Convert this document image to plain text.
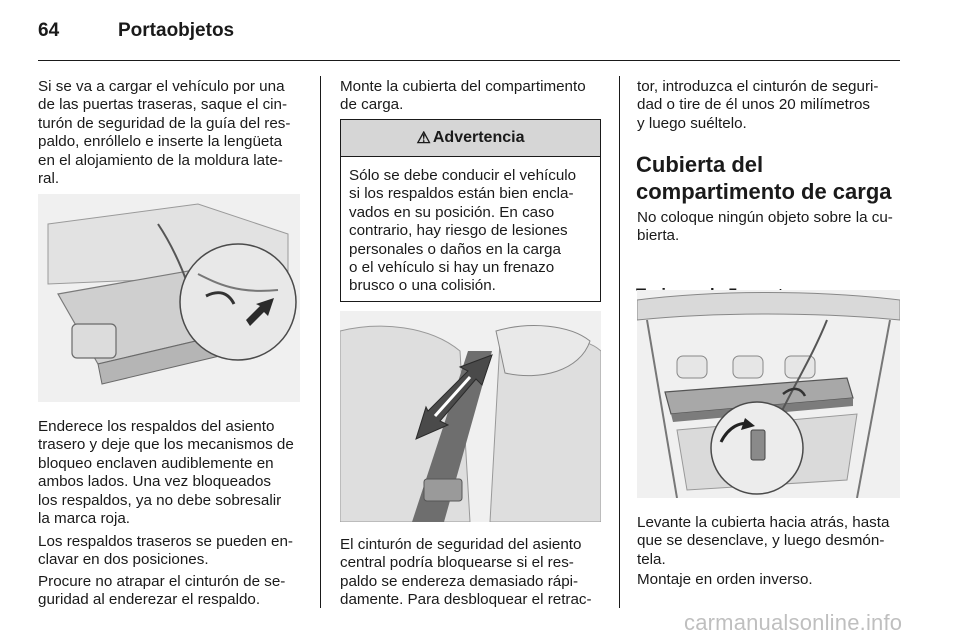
64	Portaobjetos
Si se va a cargar el vehículo por una
de las puertas traseras, saque el cin-
turón de seguridad de la guía del res-
paldo, enróllelo e inserte la lengüeta
en el alojamiento de la moldura late-
ral.
Enderece los respaldos del asiento
trasero y deje que los mecanismos de
bloqueo enclaven audiblemente en
ambos lados. Una vez bloqueados
los respaldos, ya no debe sobresalir
la marca roja.
Los respaldos traseros se pueden en-
clavar en dos posiciones.
Procure no atrapar el cinturón de se-
guridad al enderezar el respaldo.
Monte la cubierta del compartimento
de carga.
⚠ Advertencia
Sólo se debe conducir el vehículo
si los respaldos están bien encla-
vados en su posición. En caso
contrario, hay riesgo de lesiones
personales o daños en la carga
o el vehículo si hay un frenazo
brusco o una colisión.
El cinturón de seguridad del asiento
central podría bloquearse si el res-
paldo se endereza demasiado rápi-
damente. Para desbloquear el retrac-
tor, introduzca el cinturón de seguri-
dad o tire de él unos 20 milímetros
y luego suéltelo.
Cubierta del
compartimento de carga
No coloque ningún objeto sobre la cu-
bierta.
Levante la cubierta hacia atrás, hasta
que se desenclave, y luego desmón-
tela.
Montaje en orden inverso.
carmanualsonline.info
